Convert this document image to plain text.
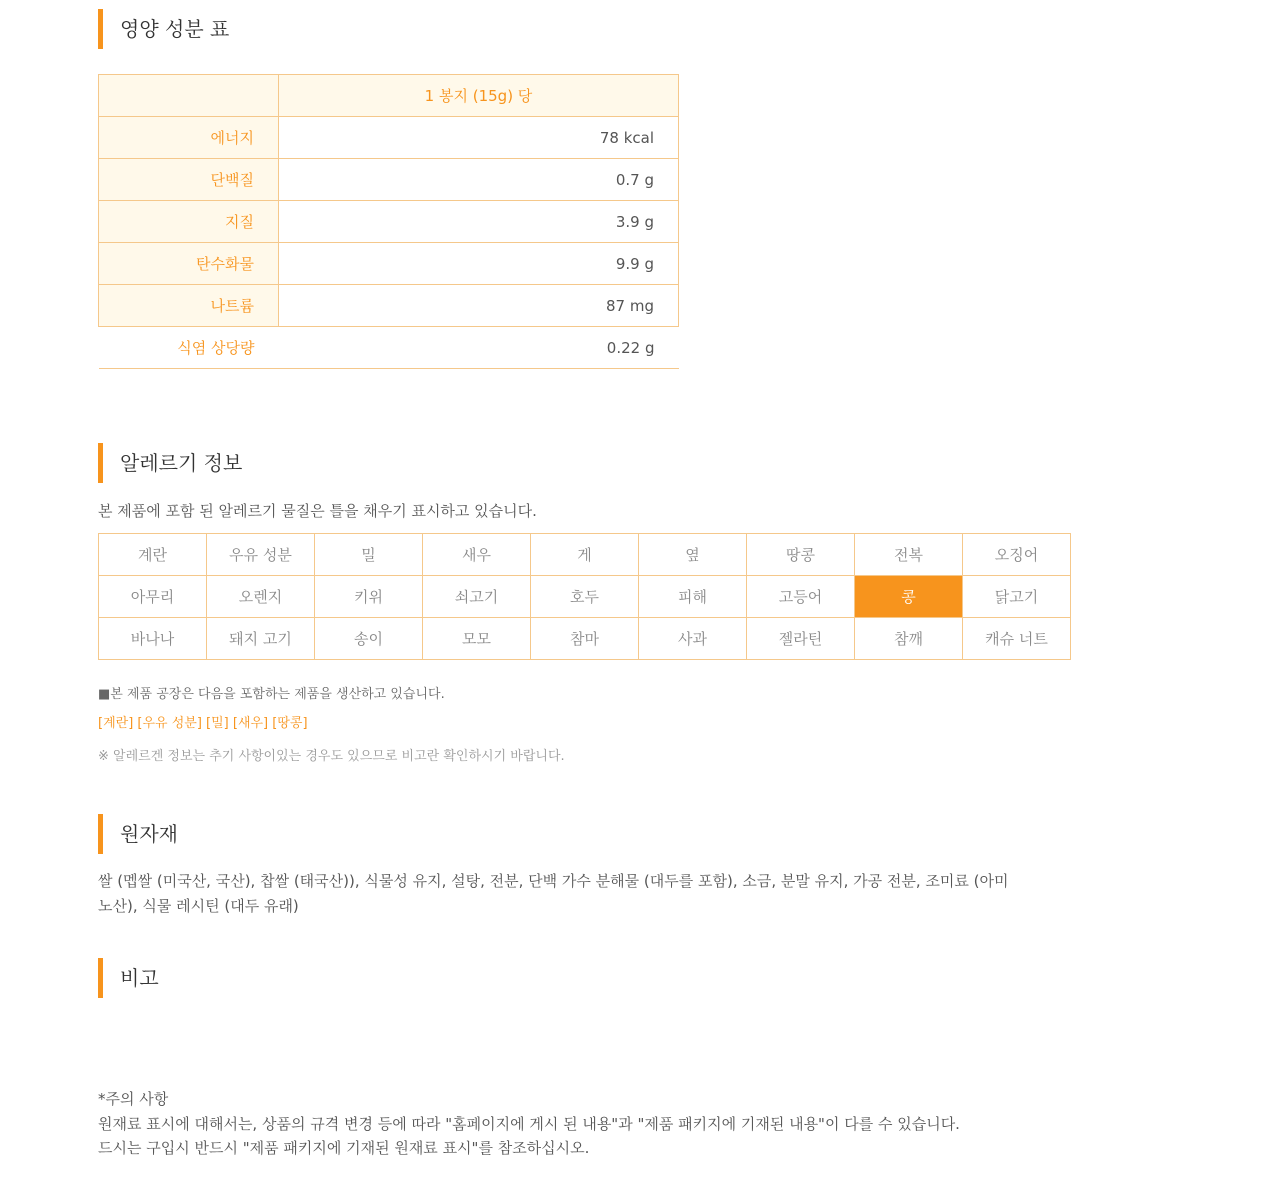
영양 성분 표
	1 봉지 (15g) 당
에너지	78 kcal
단백질	0.7 g
지질	3.9 g
탄수화물	9.9 g
나트륨	87 mg
식염 상당량	0.22 g
알레르기 정보
본 제품에 포함 된 알레르기 물질은 틀을 채우기 표시하고 있습니다.
계란	우유 성분	밀	새우	게	옆	땅콩	전복	오징어
아무리	오렌지	키위	쇠고기	호두	피해	고등어	콩	닭고기
바나나	돼지 고기	송이	모모	참마	사과	젤라틴	참깨	캐슈 너트
■본 제품 공장은 다음을 포함하는 제품을 생산하고 있습니다.
[계란] [우유 성분] [밀] [새우] [땅콩]
※ 알레르겐 정보는 추기 사항이있는 경우도 있으므로 비고란 확인하시기 바랍니다.
원자재
쌀 (멥쌀 (미국산, 국산), 찹쌀 (태국산)), 식물성 유지, 설탕, 전분, 단백 가수 분해물 (대두를 포함), 소금, 분말 유지, 가공 전분, 조미료 (아미
노산), 식물 레시틴 (대두 유래)
비고
*주의 사항
원재료 표시에 대해서는, 상품의 규격 변경 등에 따라 "홈페이지에 게시 된 내용"과 "제품 패키지에 기재된 내용"이 다를 수 있습니다.
드시는 구입시 반드시 "제품 패키지에 기재된 원재료 표시"를 참조하십시오.
